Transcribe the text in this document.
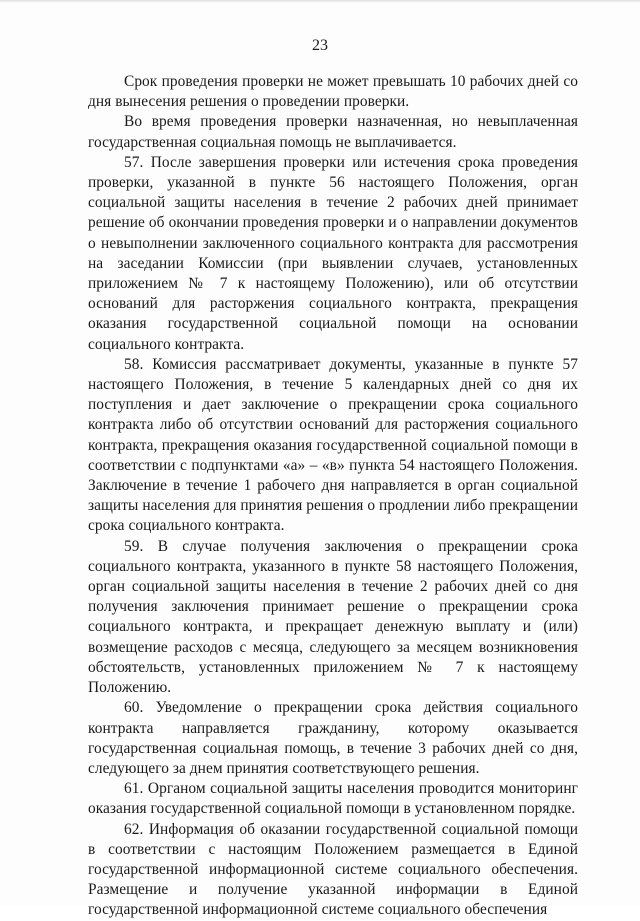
23

Срок проведения проверки не может превышать 10 рабочих дней со дня вынесения решения о проведении проверки.

Во время проведения проверки назначенная, но невыплаченная государственная социальная помощь не выплачивается.

57. После завершения проверки или истечения срока проведения проверки, указанной в пункте 56 настоящего Положения, орган социальной защиты населения в течение 2 рабочих дней принимает решение об окончании проведения проверки и о направлении документов о невыполнении заключенного социального контракта для рассмотрения на заседании Комиссии (при выявлении случаев, установленных приложением № 7 к настоящему Положению), или об отсутствии оснований для расторжения социального контракта, прекращения оказания государственной социальной помощи на основании социального контракта.

58. Комиссия рассматривает документы, указанные в пункте 57 настоящего Положения, в течение 5 календарных дней со дня их поступления и дает заключение о прекращении срока социального контракта либо об отсутствии оснований для расторжения социального контракта, прекращения оказания государственной социальной помощи в соответствии с подпунктами «а» – «в» пункта 54 настоящего Положения. Заключение в течение 1 рабочего дня направляется в орган социальной защиты населения для принятия решения о продлении либо прекращении срока социального контракта.

59. В случае получения заключения о прекращении срока социального контракта, указанного в пункте 58 настоящего Положения, орган социальной защиты населения в течение 2 рабочих дней со дня получения заключения принимает решение о прекращении срока социального контракта, и прекращает денежную выплату и (или) возмещение расходов с месяца, следующего за месяцем возникновения обстоятельств, установленных приложением № 7 к настоящему Положению.

60. Уведомление о прекращении срока действия социального контракта направляется гражданину, которому оказывается государственная социальная помощь, в течение 3 рабочих дней со дня, следующего за днем принятия соответствующего решения.

61. Органом социальной защиты населения проводится мониторинг оказания государственной социальной помощи в установленном порядке.

62. Информация об оказании государственной социальной помощи в соответствии с настоящим Положением размещается в Единой государственной информационной системе социального обеспечения. Размещение и получение указанной информации в Единой государственной информационной системе социального обеспечения
